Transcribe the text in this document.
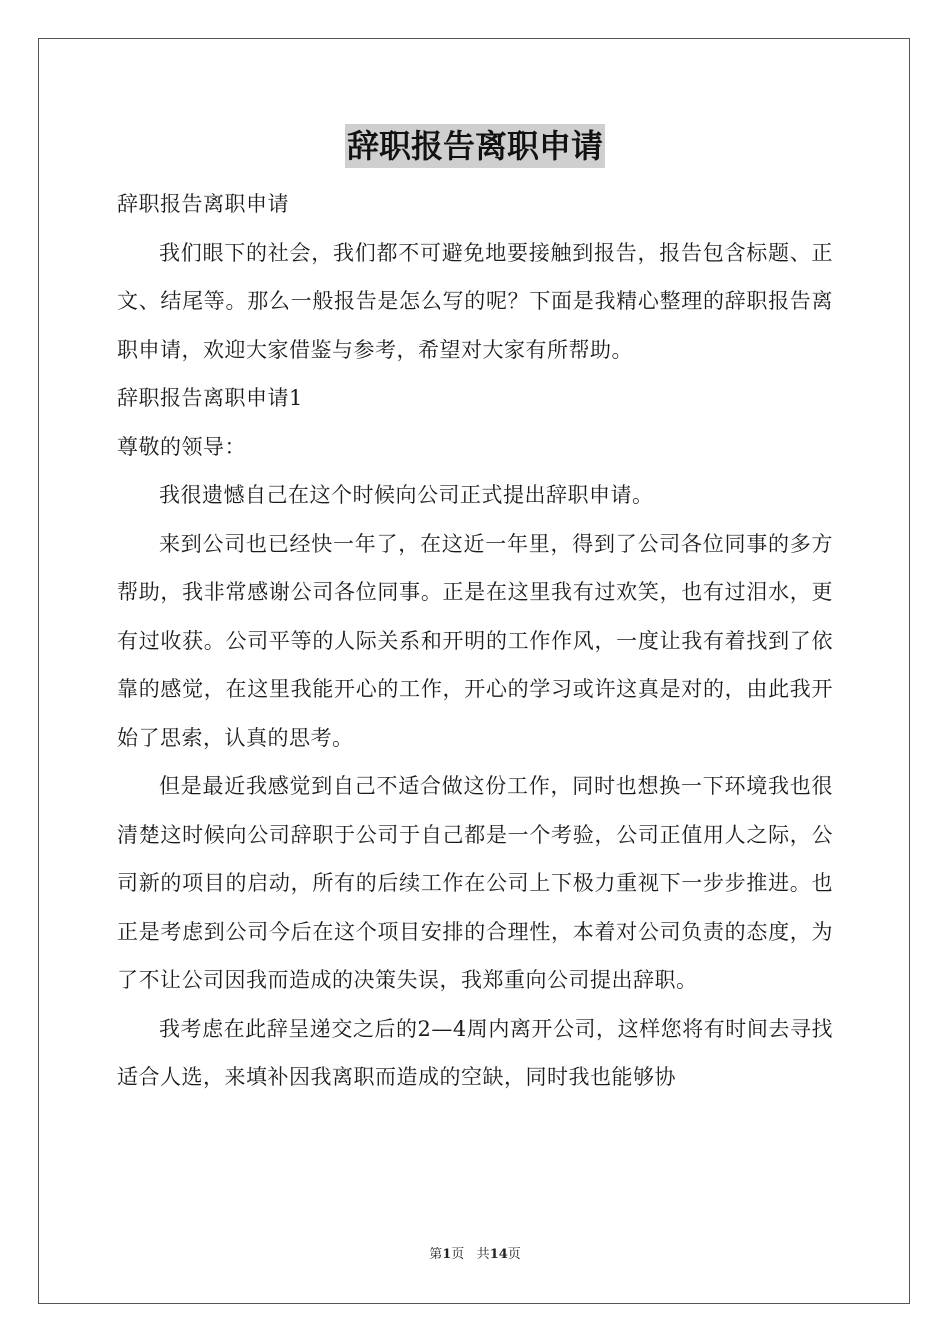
辞职报告离职申请

辞职报告离职申请

我们眼下的社会，我们都不可避免地要接触到报告，报告包含标题、正文、结尾等。那么一般报告是怎么写的呢？下面是我精心整理的辞职报告离职申请，欢迎大家借鉴与参考，希望对大家有所帮助。

辞职报告离职申请1

尊敬的领导：

我很遗憾自己在这个时候向公司正式提出辞职申请。

来到公司也已经快一年了，在这近一年里，得到了公司各位同事的多方帮助，我非常感谢公司各位同事。正是在这里我有过欢笑，也有过泪水，更有过收获。公司平等的人际关系和开明的工作作风，一度让我有着找到了依靠的感觉，在这里我能开心的工作，开心的学习或许这真是对的，由此我开始了思索，认真的思考。

但是最近我感觉到自己不适合做这份工作，同时也想换一下环境我也很清楚这时候向公司辞职于公司于自己都是一个考验，公司正值用人之际，公司新的项目的启动，所有的后续工作在公司上下极力重视下一步步推进。也正是考虑到公司今后在这个项目安排的合理性，本着对公司负责的态度，为了不让公司因我而造成的决策失误，我郑重向公司提出辞职。

我考虑在此辞呈递交之后的2—4周内离开公司，这样您将有时间去寻找适合人选，来填补因我离职而造成的空缺，同时我也能够协

第1页 共14页
